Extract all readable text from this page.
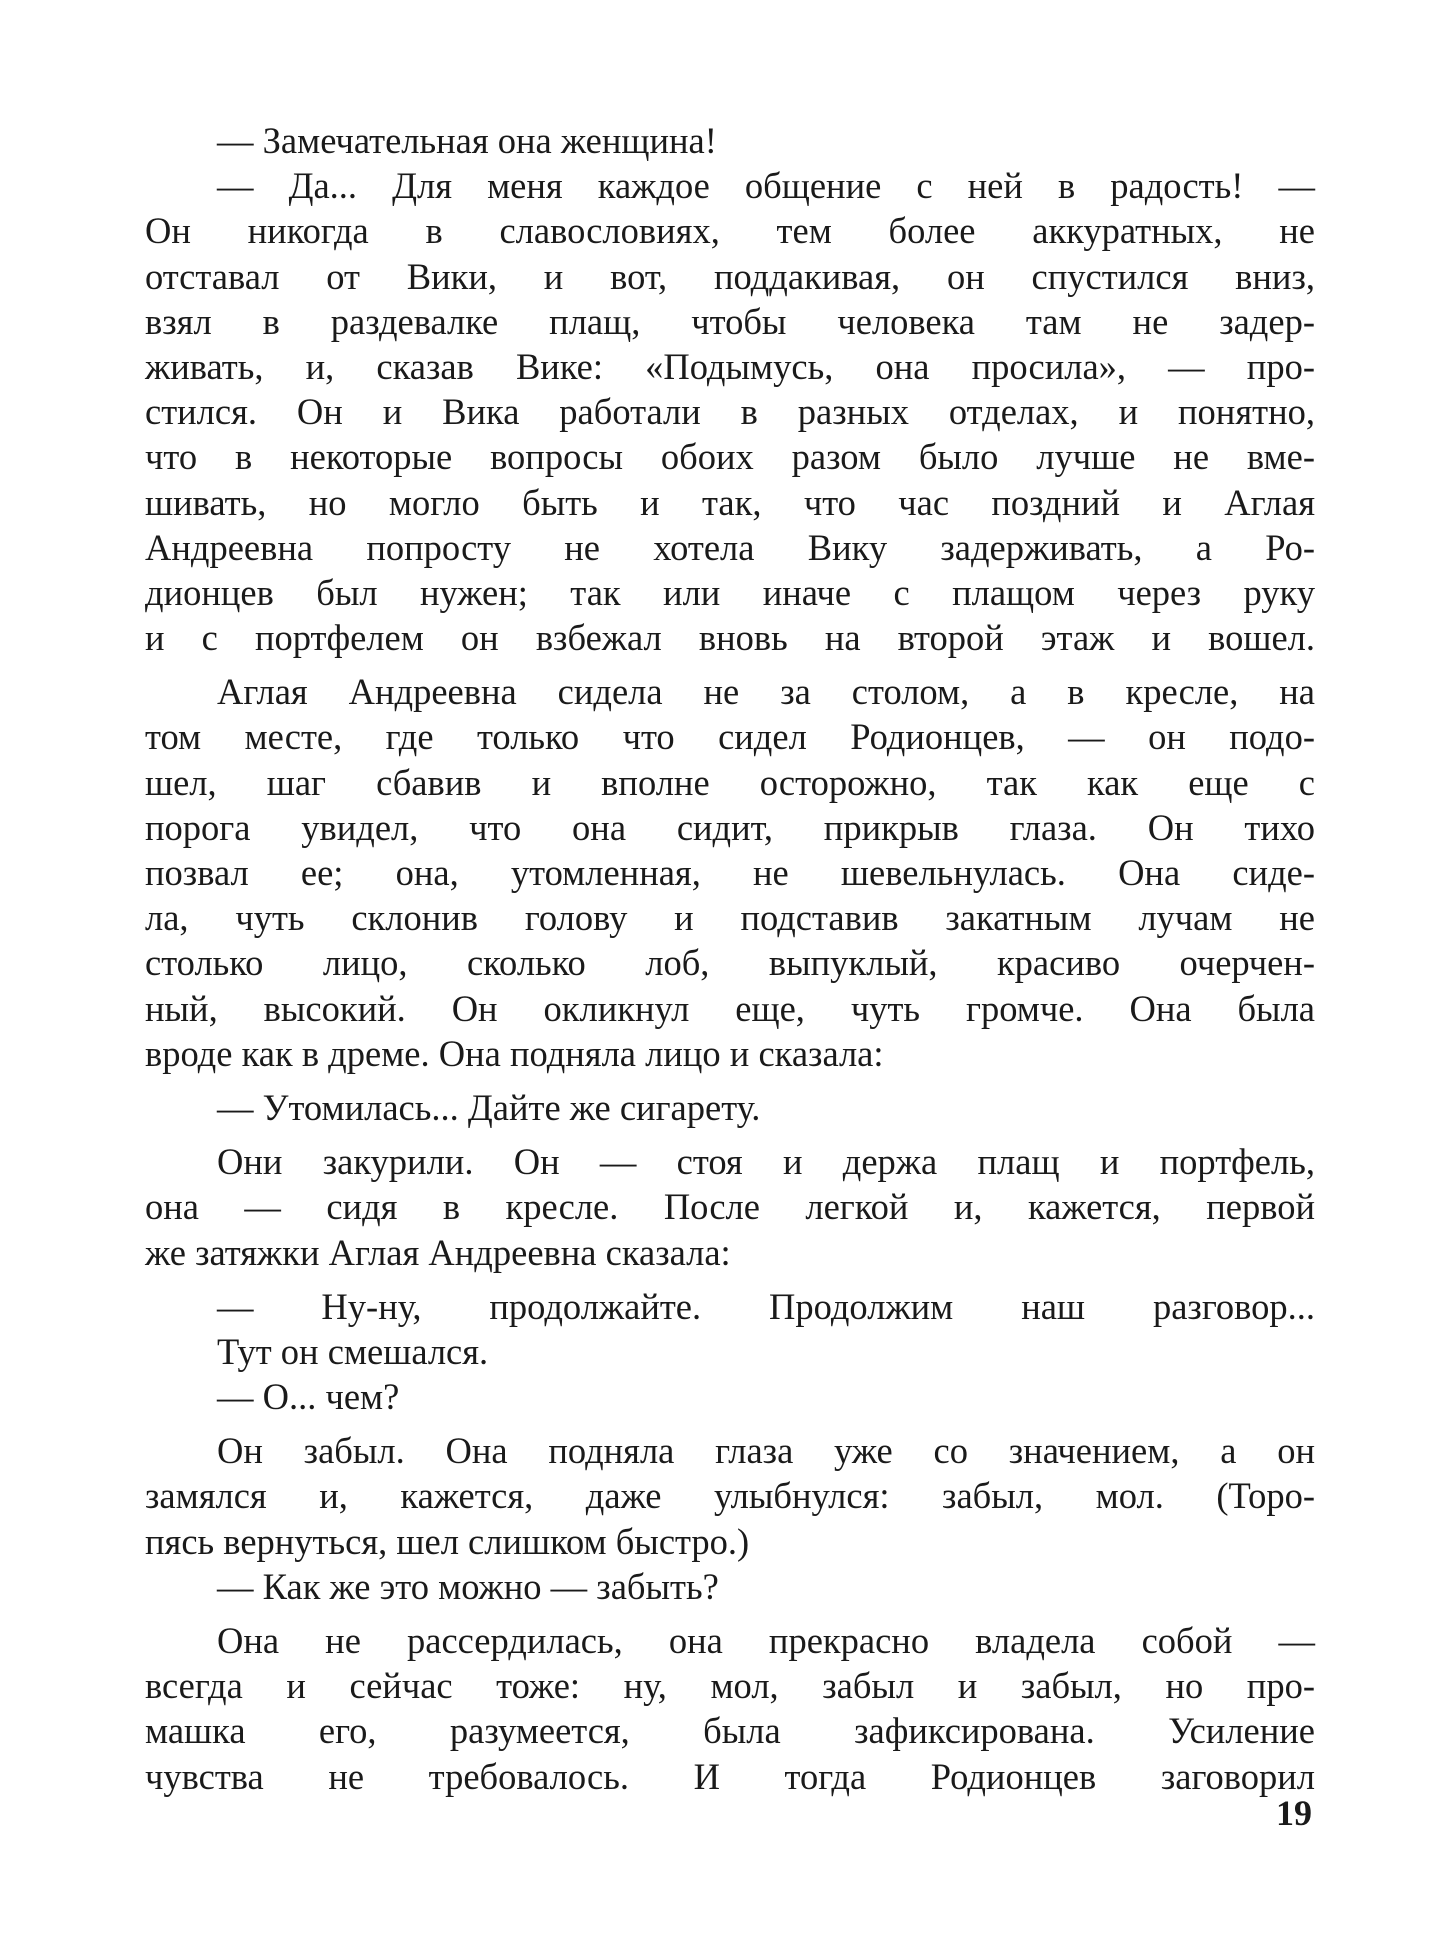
— Замечательная она женщина!
— Да... Для меня каждое общение с ней в радость! —
Он никогда в славословиях, тем более аккуратных, не
отставал от Вики, и вот, поддакивая, он спустился вниз,
взял в раздевалке плащ, чтобы человека там не задер-
живать, и, сказав Вике: «Подымусь, она просила», — про-
стился. Он и Вика работали в разных отделах, и понятно,
что в некоторые вопросы обоих разом было лучше не вме-
шивать, но могло быть и так, что час поздний и Аглая
Андреевна попросту не хотела Вику задерживать, а Ро-
дионцев был нужен; так или иначе с плащом через руку
и с портфелем он взбежал вновь на второй этаж и вошел.
Аглая Андреевна сидела не за столом, а в кресле, на
том месте, где только что сидел Родионцев, — он подо-
шел, шаг сбавив и вполне осторожно, так как еще с
порога увидел, что она сидит, прикрыв глаза. Он тихо
позвал ее; она, утомленная, не шевельнулась. Она сиде-
ла, чуть склонив голову и подставив закатным лучам не
столько лицо, сколько лоб, выпуклый, красиво очерчен-
ный, высокий. Он окликнул еще, чуть громче. Она была
вроде как в дреме. Она подняла лицо и сказала:
— Утомилась... Дайте же сигарету.
Они закурили. Он — стоя и держа плащ и портфель,
она — сидя в кресле. После легкой и, кажется, первой
же затяжки Аглая Андреевна сказала:
— Ну-ну, продолжайте. Продолжим наш разговор...
Тут он смешался.
— О... чем?
Он забыл. Она подняла глаза уже со значением, а он
замялся и, кажется, даже улыбнулся: забыл, мол. (Торо-
пясь вернуться, шел слишком быстро.)
— Как же это можно — забыть?
Она не рассердилась, она прекрасно владела собой —
всегда и сейчас тоже: ну, мол, забыл и забыл, но про-
машка его, разумеется, была зафиксирована. Усиление
чувства не требовалось. И тогда Родионцев заговорил
19
